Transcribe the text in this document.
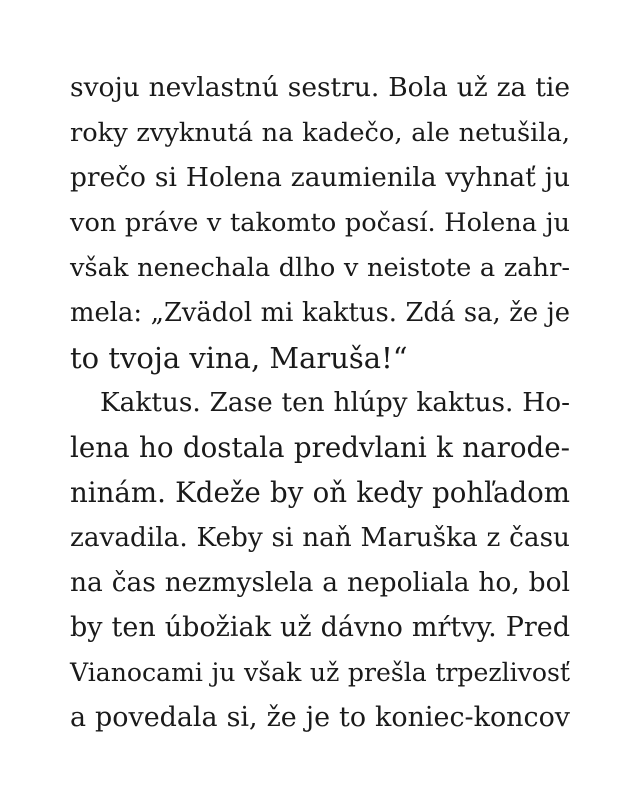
svoju nevlastnú sestru. Bola už za tie
roky zvyknutá na kadečo, ale netušila,
prečo si Holena zaumienila vyhnať ju
von práve v takomto počasí. Holena ju
však nenechala dlho v neistote a zahr-
mela: „Zvädol mi kaktus. Zdá sa, že je
to tvoja vina, Maruša!“
Kaktus. Zase ten hlúpy kaktus. Ho-
lena ho dostala predvlani k narode-
ninám. Kdeže by oň kedy pohľadom
zavadila. Keby si naň Maruška z času
na čas nezmyslela a nepoliala ho, bol
by ten úbožiak už dávno mŕtvy. Pred
Vianocami ju však už prešla trpezlivosť
a povedala si, že je to koniec-koncov
